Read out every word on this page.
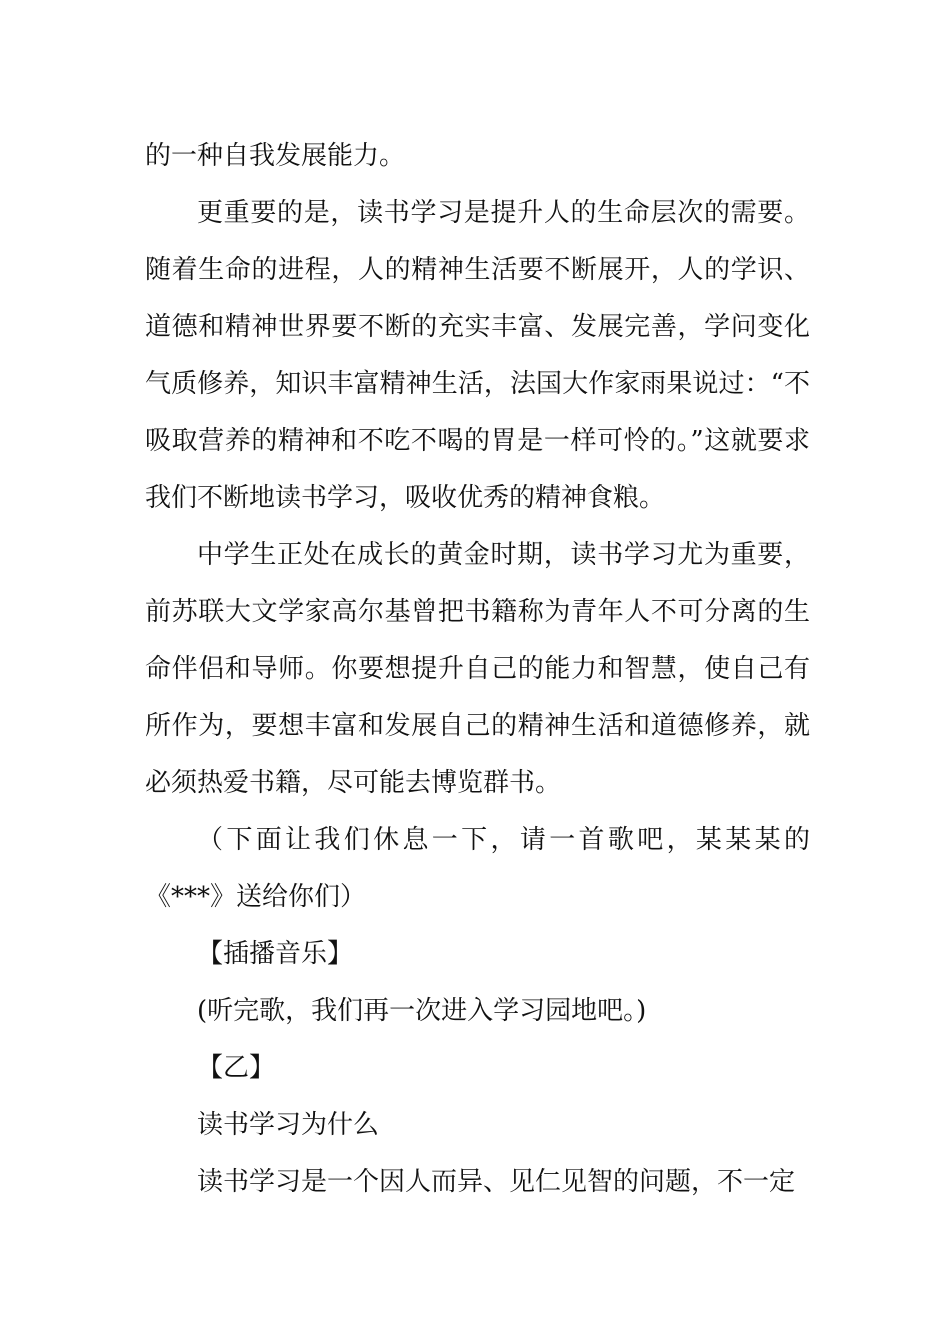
的一种自我发展能力。

更重要的是，读书学习是提升人的生命层次的需要。随着生命的进程，人的精神生活要不断展开，人的学识、道德和精神世界要不断的充实丰富、发展完善，学问变化气质修养，知识丰富精神生活，法国大作家雨果说过：“不吸取营养的精神和不吃不喝的胃是一样可怜的。”这就要求我们不断地读书学习，吸收优秀的精神食粮。

中学生正处在成长的黄金时期，读书学习尤为重要，前苏联大文学家高尔基曾把书籍称为青年人不可分离的生命伴侣和导师。你要想提升自己的能力和智慧，使自己有所作为，要想丰富和发展自己的精神生活和道德修养，就必须热爱书籍，尽可能去博览群书。

（下面让我们休息一下，请一首歌吧，某某某的《***》送给你们）

【插播音乐】

(听完歌，我们再一次进入学习园地吧。)

【乙】

读书学习为什么

读书学习是一个因人而异、见仁见智的问题，不一定
